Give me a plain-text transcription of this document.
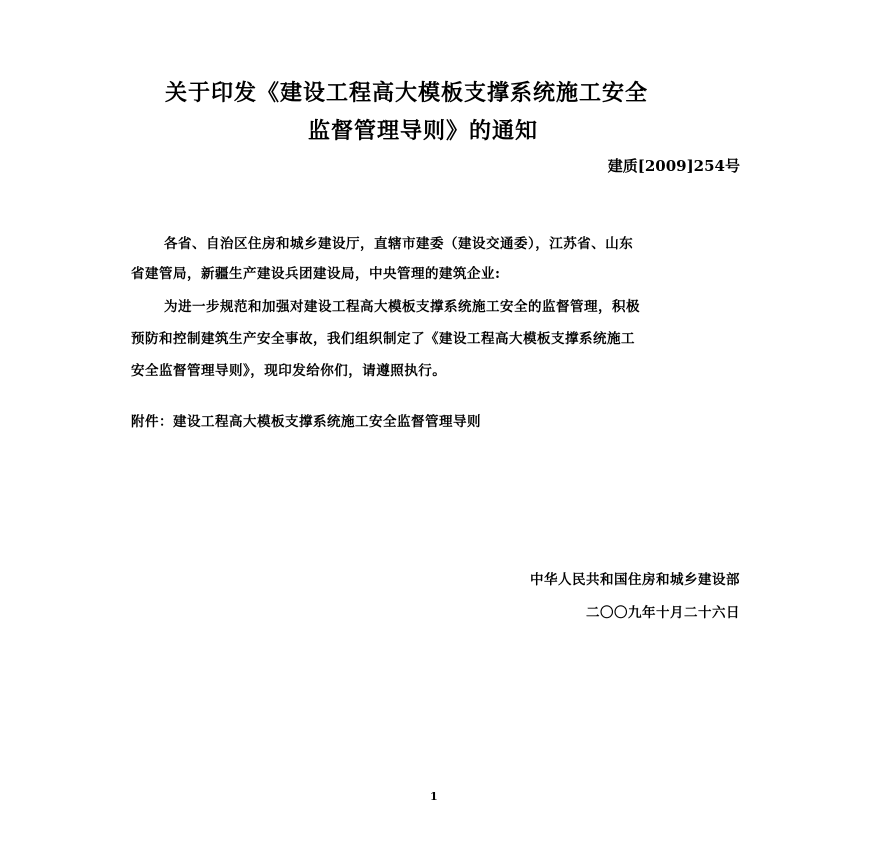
关于印发《建设工程高大模板支撑系统施工安全
监督管理导则》的通知
建质[2009]254号
各省、自治区住房和城乡建设厅，直辖市建委（建设交通委），江苏省、山东
省建管局，新疆生产建设兵团建设局，中央管理的建筑企业:
为进一步规范和加强对建设工程高大模板支撑系统施工安全的监督管理，积极
预防和控制建筑生产安全事故，我们组织制定了《建设工程高大模板支撑系统施工
安全监督管理导则》，现印发给你们，请遵照执行。
附件：建设工程高大模板支撑系统施工安全监督管理导则
中华人民共和国住房和城乡建设部
二〇〇九年十月二十六日
1
